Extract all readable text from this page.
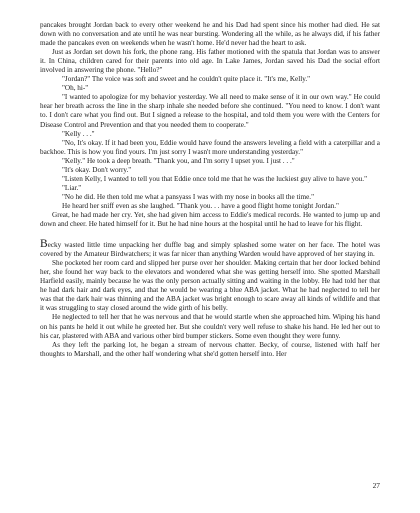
pancakes brought Jordan back to every other weekend he and his Dad had spent since his mother had died. He sat down with no conversation and ate until he was near bursting. Wondering all the while, as he always did, if his father made the pancakes even on weekends when he wasn't home. He'd never had the heart to ask.

Just as Jordan set down his fork, the phone rang. His father motioned with the spatula that Jordan was to answer it. In China, children cared for their parents into old age. In Lake James, Jordan saved his Dad the social effort involved in answering the phone. "Hello?"

"Jordan?" The voice was soft and sweet and he couldn't quite place it. "It's me, Kelly."

"Oh, hi-"

"I wanted to apologize for my behavior yesterday. We all need to make sense of it in our own way." He could hear her breath across the line in the sharp inhale she needed before she continued. "You need to know. I don't want to. I don't care what you find out. But I signed a release to the hospital, and told them you were with the Centers for Disease Control and Prevention and that you needed them to cooperate."

"Kelly . . ."

"No, It's okay. If it had been you, Eddie would have found the answers leveling a field with a caterpillar and a backhoe. This is how you find yours. I'm just sorry I wasn't more understanding yesterday."

"Kelly." He took a deep breath. "Thank you, and I'm sorry I upset you. I just . . ."

"It's okay. Don't worry."

"Listen Kelly, I wanted to tell you that Eddie once told me that he was the luckiest guy alive to have you."

"Liar."

"No he did. He then told me what a pansyass I was with my nose in books all the time."

He heard her sniff even as she laughed. "Thank you. . . have a good flight home tonight Jordan."

Great, he had made her cry. Yet, she had given him access to Eddie's medical records. He wanted to jump up and down and cheer. He hated himself for it. But he had nine hours at the hospital until he had to leave for his flight.

Becky wasted little time unpacking her duffle bag and simply splashed some water on her face. The hotel was covered by the Amateur Birdwatchers; it was far nicer than anything Warden would have approved of her staying in.

She pocketed her room card and slipped her purse over her shoulder. Making certain that her door locked behind her, she found her way back to the elevators and wondered what she was getting herself into. She spotted Marshall Harfield easily, mainly because he was the only person actually sitting and waiting in the lobby. He had told her that he had dark hair and dark eyes, and that he would be wearing a blue ABA jacket. What he had neglected to tell her was that the dark hair was thinning and the ABA jacket was bright enough to scare away all kinds of wildlife and that it was struggling to stay closed around the wide girth of his belly.

He neglected to tell her that he was nervous and that he would startle when she approached him. Wiping his hand on his pants he held it out while he greeted her. But she couldn't very well refuse to shake his hand. He led her out to his car, plastered with ABA and various other bird bumper stickers. Some even thought they were funny.

As they left the parking lot, he began a stream of nervous chatter. Becky, of course, listened with half her thoughts to Marshall, and the other half wondering what she'd gotten herself into. Her

27
